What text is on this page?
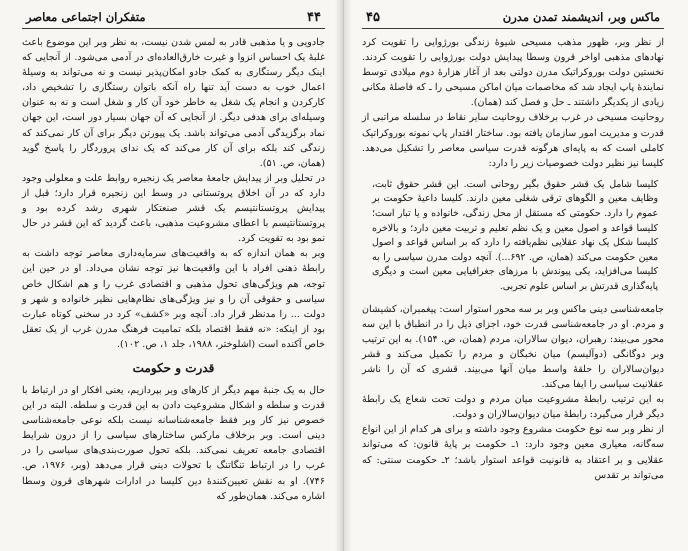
۴۴
متفکران اجتماعی معاصر

جادویی و یا مذهبی قادر به لمس شدن نیست، به نظر وبر این موضوع باعث غلبهٔ یک احساس انزوا و غیرت خارق‌العاده‌ای در آدمی می‌شود. از آنجایی که اینک دیگر رستگاری به کمک جادو امکان‌پذیر نیست و نه می‌تواند به وسیلهٔ اعمال خوب به دست آید تنها راه آنکه با‌توان رستگاری را تشخیص داد، کارکردن و انجام یک شغل به خاطر خود آن کار و شغل است و نه به عنوان وسیله‌ای برای هدفی دیگر. از آنجایی که آن جهان بسیار دور است، این جهان نماد برگزیدگی آدمی می‌تواند باشد. یک پیورتن دیگر برای آن کار نمی‌کند که زندگی کند بلکه برای آن کار می‌کند که یک ندای پروردگار را پاسخ گوید (همان، ص. ۵۱).

در تحلیل وبر از پیدایش جامعهٔ معاصر یک زنجیره روابط علت و معلولی وجود دارد که در آن اخلاق پروتستانی در وسط این زنجیره قرار دارد؛ قبل از پیدایش پروتستانتیسم یک قشر صنعتکار شهری رشد کرده بود و پروتستانتیسم با اعطای مشروعیت مذهبی، باعث گردید که این قشر در حال نمو بود به تقویت کرد.

وبر به همان اندازه که به واقعیت‌های سرمایه‌داری معاصر توجه داشت به رابطهٔ ذهنی افراد با این واقعیت‌ها نیز توجه نشان می‌داد. او در حین این توجه، هم ویژگی‌های تحول مذهبی و اقتصادی غرب را و هم اشکال خاص سیاسی و حقوقی آن را و نیز ویژگی‌های نظام‌هایی نظیر خانواده و شهر و دولت ... را مدنظر قرار داد. آنچه وبر «کشف» کرد در سخنی کوتاه عبارت بود از اینکه: «نه فقط اقتصاد بلکه تمامیت فرهنگ مدرن غرب از یک تعقل خاص آکنده است (اشلوختر، ۱۹۸۸، جلد ۱، ص. ۱۰۲).

قدرت و حکومت

حال به یک جنبهٔ مهم دیگر از کارهای وبر بپردازیم، یعنی افکار او در ارتباط با قدرت و سلطه و اشکال مشروعیت دادن به این قدرت و سلطه. البته در این خصوص نیز کار وبر فقط جامعه‌شناسانه نیست بلکه نوعی جامعه‌شناسی دینی است. وبر برخلاف مارکس ساختارهای سیاسی را از درون شرایط اقتصادی جامعه تعریف نمی‌کند. بلکه تحول صورت‌بندی‌های سیاسی را در غرب را در ارتباط تنگاتنگ با تحولات دینی قرار می‌دهد (وبر، ۱۹۷۶، ص. ۷۴۶). او به نقش تعیین‌کنندهٔ دین کلیسا در ادارات شهرهای قرون وسطا اشاره می‌کند. همان‌طور که

ماکس وبر، اندیشمند تمدن مدرن
۴۵

از نظر وبر، ظهور مذهب مسیحی شیوهٔ زندگی بورژوایی را تقویت کرد نهادهای مذهبی اواخر قرون وسطا پیدایش دولت بورژوایی را تقویت کردند. نخستین دولت بوروکراتیک مدرن دولتی بعد از آغاز هزارهٔ دوم میلادی توسط نمایندهٔ پاپ ایجاد شد که مخاصمات میان اماکن مسیحی را ـ که فاصلهٔ مکانی زیادی از یکدیگر داشتند ـ حل و فصل کند (همان).

روحانیت مسیحی در غرب برخلاف روحانیت سایر نقاط در سلسله مراتبی از قدرت و مدیریت امور سازمان یافته بود. ساختار اقتدار پاپ نمونه بوروکراتیک کاملی است که به پایه‌ای هرگونه قدرت سیاسی معاصر را تشکیل می‌دهد. کلیسا نیز نظیر دولت خصوصیات زیر را دارد:

کلیسا شامل یک قشر حقوق بگیر روحانی است. این قشر حقوق ثابت، وظایف معین و الگوهای ترقی شغلی معین دارند. کلیسا داعیهٔ حکومت بر عموم را دارد. حکومتی که مستقل از محل زندگی، خانواده و یا تبار است؛ کلیسا قواعد و اصول معین و یک نظم تعلیم و تربیت معین دارد؛ و بالاخره کلیسا شکل یک نهاد عقلایی نظم‌یافته را دارد که بر اساس قواعد و اصول معین حکومت می‌کند (همان، ص. ۶۹۲...). آنچه دولت مدرن سیاسی را به کلیسا می‌افزاید، یکی پیوندش با مرزهای جغرافیایی معین است و دیگری پایه‌گذاری قدرتش بر اساس علوم تجربی.

جامعه‌شناسی دینی ماکس وبر بر سه محور استوار است: پیغمبران، کشیشان و مردم. او در جامعه‌شناسی قدرت خود، اجزای ذیل را در انطباق با این سه محور می‌بیند: رهبران، دیوان سالاران، مردم (همان، ص. ۱۵۴). به این ترتیب وبر دوگانگی (دوآلیسم) میان نخبگان و مردم را تکمیل می‌کند و قشر دیوان‌سالاران را حلقهٔ واسط میان آنها می‌بیند. قشری که آن را ناشر عقلانیت سیاسی را ایفا می‌کند.

به این ترتیب رابطهٔ مشروعیت میان مردم و دولت تحت شعاع یک رابطهٔ دیگر قرار می‌گیرد: رابطهٔ میان دیوان‌سالاران و دولت.

از نظر وبر سه نوع حکومت مشروع وجود داشته و برای هر کدام از این انواع سه‌گانه، معیاری معین وجود دارد: ۱ـ حکومت بر پایهٔ قانون: که می‌تواند عقلایی و بر اعتقاد به قانونیت قواعد استوار باشد؛ ۲ـ حکومت سنتی: که می‌تواند بر تقدس
